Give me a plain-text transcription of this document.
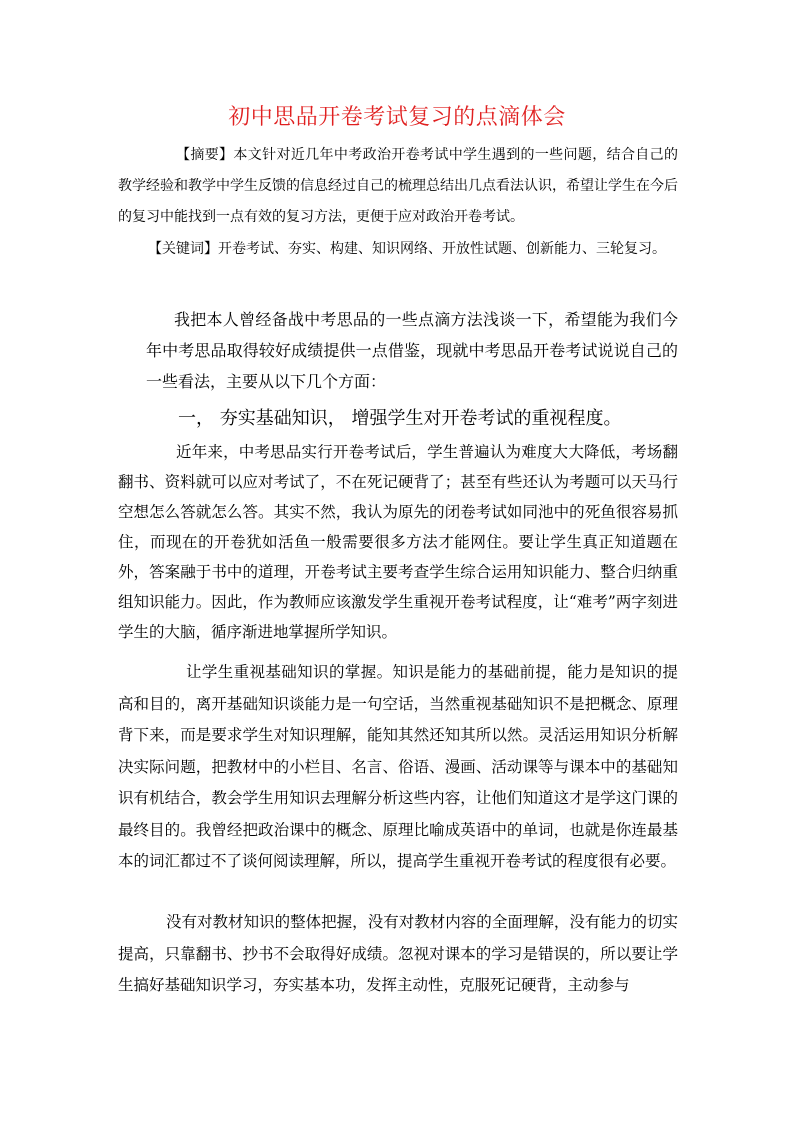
初中思品开卷考试复习的点滴体会

【摘要】本文针对近几年中考政治开卷考试中学生遇到的一些问题，结合自己的教学经验和教学中学生反馈的信息经过自己的梳理总结出几点看法认识，希望让学生在今后的复习中能找到一点有效的复习方法，更便于应对政治开卷考试。

【关键词】开卷考试、夯实、构建、知识网络、开放性试题、创新能力、三轮复习。

我把本人曾经备战中考思品的一些点滴方法浅谈一下，希望能为我们今年中考思品取得较好成绩提供一点借鉴，现就中考思品开卷考试说说自己的一些看法，主要从以下几个方面：

一， 夯实基础知识， 增强学生对开卷考试的重视程度。

近年来，中考思品实行开卷考试后，学生普遍认为难度大大降低，考场翻翻书、资料就可以应对考试了，不在死记硬背了；甚至有些还认为考题可以天马行空想怎么答就怎么答。其实不然，我认为原先的闭卷考试如同池中的死鱼很容易抓住，而现在的开卷犹如活鱼一般需要很多方法才能网住。要让学生真正知道题在外，答案融于书中的道理，开卷考试主要考查学生综合运用知识能力、整合归纳重组知识能力。因此，作为教师应该激发学生重视开卷考试程度，让“难考”两字刻进学生的大脑，循序渐进地掌握所学知识。

让学生重视基础知识的掌握。知识是能力的基础前提，能力是知识的提高和目的，离开基础知识谈能力是一句空话，当然重视基础知识不是把概念、原理背下来，而是要求学生对知识理解，能知其然还知其所以然。灵活运用知识分析解决实际问题，把教材中的小栏目、名言、俗语、漫画、活动课等与课本中的基础知识有机结合，教会学生用知识去理解分析这些内容，让他们知道这才是学这门课的最终目的。我曾经把政治课中的概念、原理比喻成英语中的单词，也就是你连最基本的词汇都过不了谈何阅读理解，所以，提高学生重视开卷考试的程度很有必要。

没有对教材知识的整体把握，没有对教材内容的全面理解，没有能力的切实提高，只靠翻书、抄书不会取得好成绩。忽视对课本的学习是错误的，所以要让学生搞好基础知识学习，夯实基本功，发挥主动性，克服死记硬背，主动参与
